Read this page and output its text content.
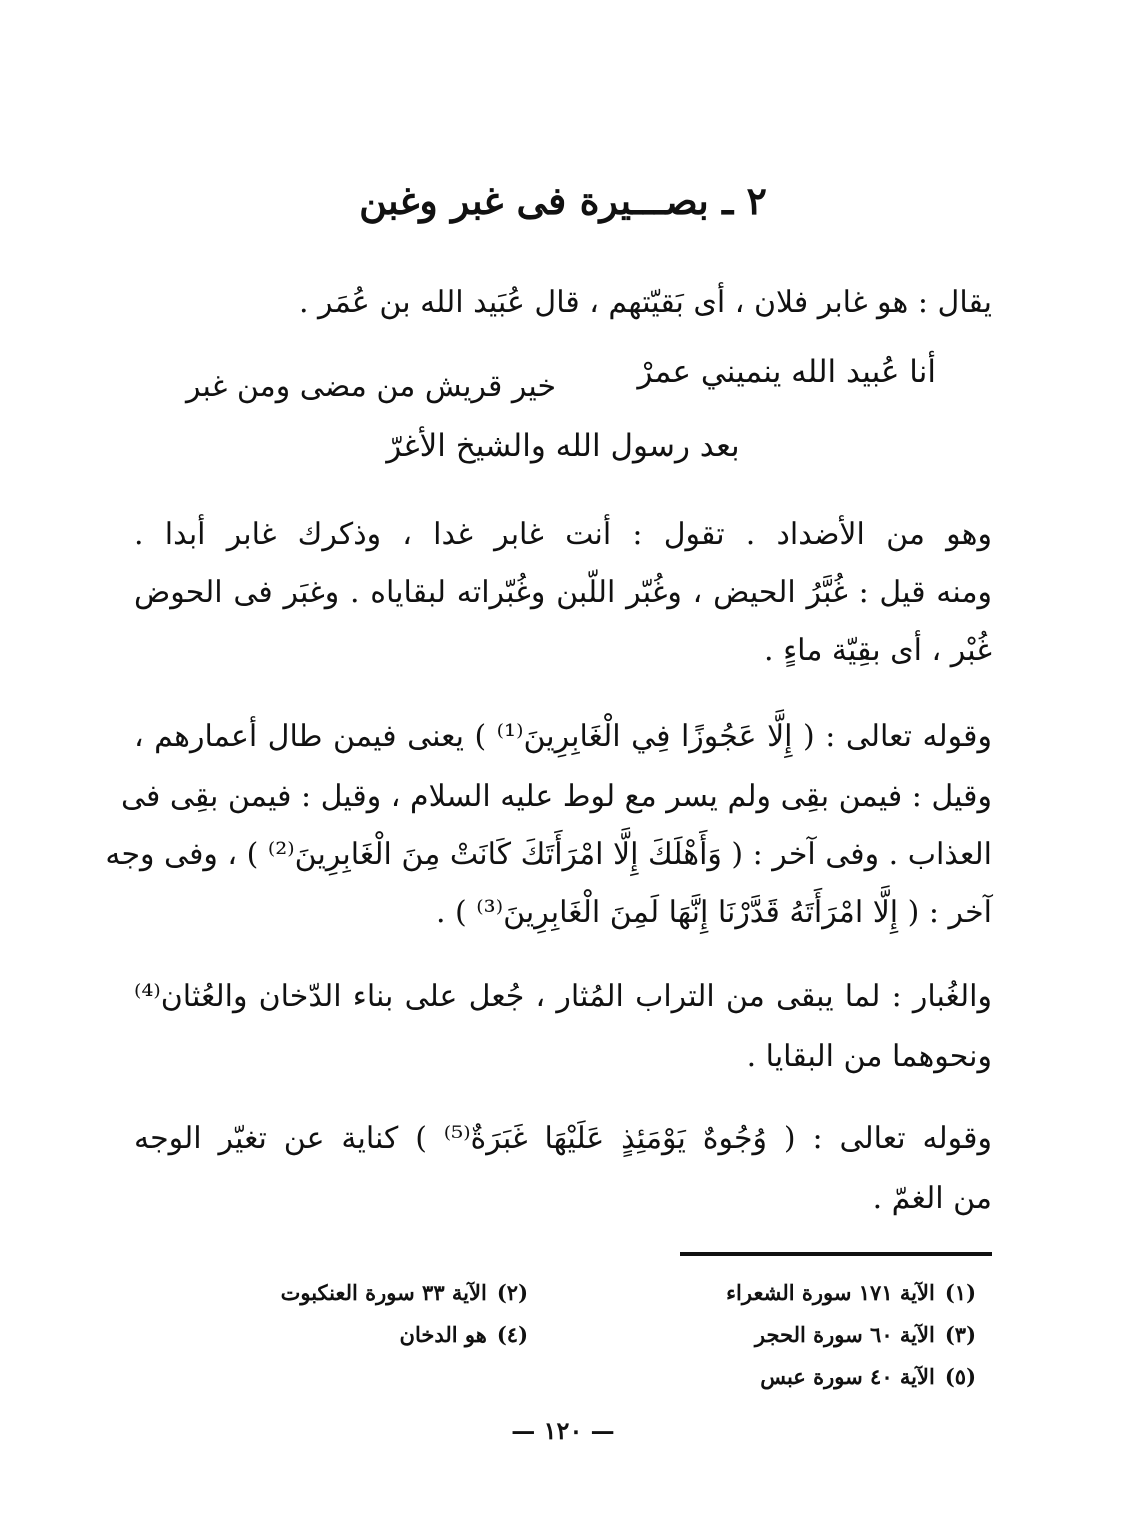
٢ ـ بصـــيرة فى غبر وغبن
يقال : هو غابر فلان ، أى بَقيّتهم ، قال عُبَيد الله بن عُمَر .
أنا عُبيد الله ينميني عمرْ
خير قريش من مضى ومن غبر
بعد رسول الله والشيخ الأغرّ
وهو من الأضداد . تقول : أنت غابر غدا ، وذكرك غابر أبدا .
ومنه قيل : غُبَّرُ الحيض ، وغُبّر اللّبن وغُبّراته لبقاياه . وغبَر فى الحوض
غُبْر ، أى بقِيّة ماءٍ .
وقوله تعالى : ( إِلَّا عَجُوزًا فِي الْغَابِرِينَ⁽¹⁾ ) يعنى فيمن طال أعمارهم ،
وقيل : فيمن بقِى ولم يسر مع لوط عليه السلام ، وقيل : فيمن بقِى فى
العذاب . وفى آخر : ( وَأَهْلَكَ إِلَّا امْرَأَتَكَ كَانَتْ مِنَ الْغَابِرِينَ⁽²⁾ ) ، وفى وجه
آخر : ( إِلَّا امْرَأَتَهُ قَدَّرْنَا إِنَّهَا لَمِنَ الْغَابِرِينَ⁽³⁾ ) .
والغُبار : لما يبقى من التراب المُثار ، جُعل على بناء الدّخان والعُثان⁽⁴⁾
ونحوهما من البقايا .
وقوله تعالى : ( وُجُوهٌ يَوْمَئِذٍ عَلَيْهَا غَبَرَةٌ⁽⁵⁾ ) كناية عن تغيّر الوجه
من الغمّ .
(١)الآية ١٧١ سورة الشعراء
(٢)الآية ٣٣ سورة العنكبوت
(٣)الآية ٦٠ سورة الحجر
(٤)هو الدخان
(٥)الآية ٤٠ سورة عبس
— ١٢٠ —
